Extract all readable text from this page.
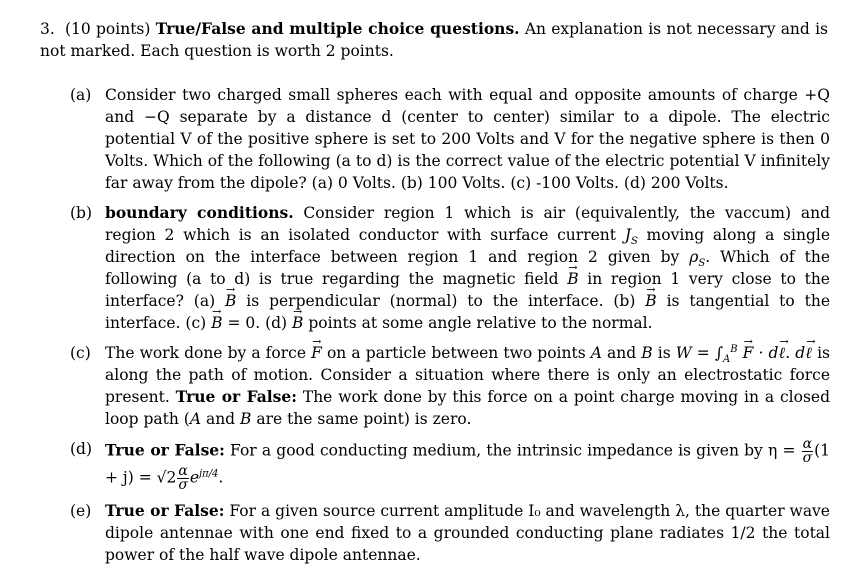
3. (10 points) True/False and multiple choice questions. An explanation is not necessary and is not marked. Each question is worth 2 points.
(a) Consider two charged small spheres each with equal and opposite amounts of charge +Q and −Q separate by a distance d (center to center) similar to a dipole. The electric potential V of the positive sphere is set to 200 Volts and V for the negative sphere is then 0 Volts. Which of the following (a to d) is the correct value of the electric potential V infinitely far away from the dipole? (a) 0 Volts. (b) 100 Volts. (c) -100 Volts. (d) 200 Volts.
(b) boundary conditions. Consider region 1 which is air (equivalently, the vaccum) and region 2 which is an isolated conductor with surface current $J_S$ moving along a single direction on the interface between region 1 and region 2 given by $\rho_S$. Which of the following (a to d) is true regarding the magnetic field → B in region 1 very close to the interface? (a) → B is perpendicular (normal) to the interface. (b) → B is tangential to the interface. (c) → B = 0. (d) → B points at some angle relative to the normal.
(c) The work done by a force → F on a particle between two points A and B is $W = \int_A^B \to F \cdot d\to$ ℓ. d→ ℓ is along the path of motion. Consider a situation where there is only an electrostatic force present. True or False: The work done by this force on a point charge moving in a closed loop path (A and B are the same point) is zero.
(d) True or False: For a good conducting medium, the intrinsic impedance is given by $\eta = \frac{\alpha}{\sigma} (1 + j) = √2 \frac{\alpha}{\sigma} e^{j\pi/4}$.
(e) True or False: For a given source current amplitude I₀ and wavelength λ, the quarter wave dipole antennae with one end fixed to a grounded conducting plane radiates 1/2 the total power of the half wave dipole antennae.
